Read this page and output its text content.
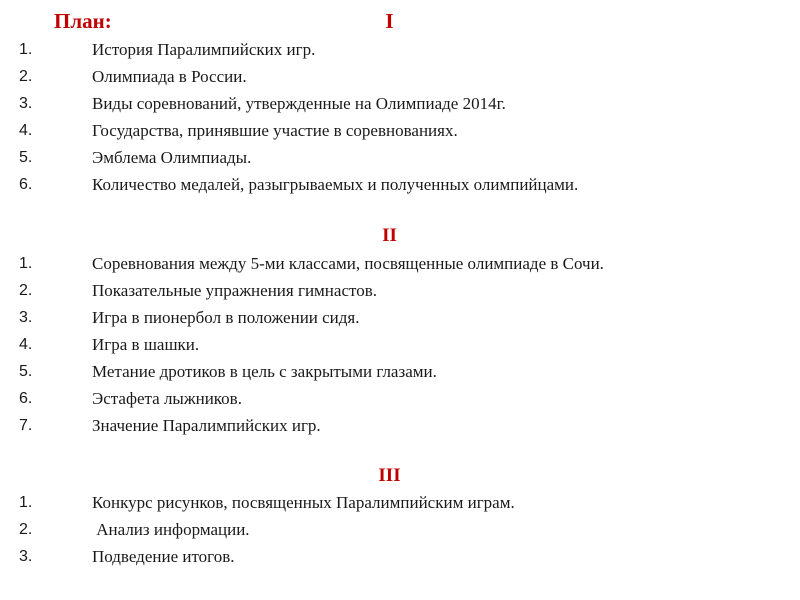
План:	I
1.	История Паралимпийских игр.
2.	Олимпиада в России.
3.	Виды соревнований, утвержденные на Олимпиаде 2014г.
4.	Государства, принявшие участие в соревнованиях.
5.	Эмблема Олимпиады.
6.	Количество медалей, разыгрываемых и полученных олимпийцами.
II
1.	Соревнования между 5-ми классами, посвященные олимпиаде в Сочи.
2.	Показательные упражнения гимнастов.
3.	Игра в пионербол в положении сидя.
4.	Игра в шашки.
5.	Метание дротиков в цель с закрытыми глазами.
6.	Эстафета лыжников.
7.	Значение Паралимпийских игр.
III
1.	Конкурс рисунков, посвященных Паралимпийским играм.
2.	Анализ информации.
3.	Подведение итогов.
